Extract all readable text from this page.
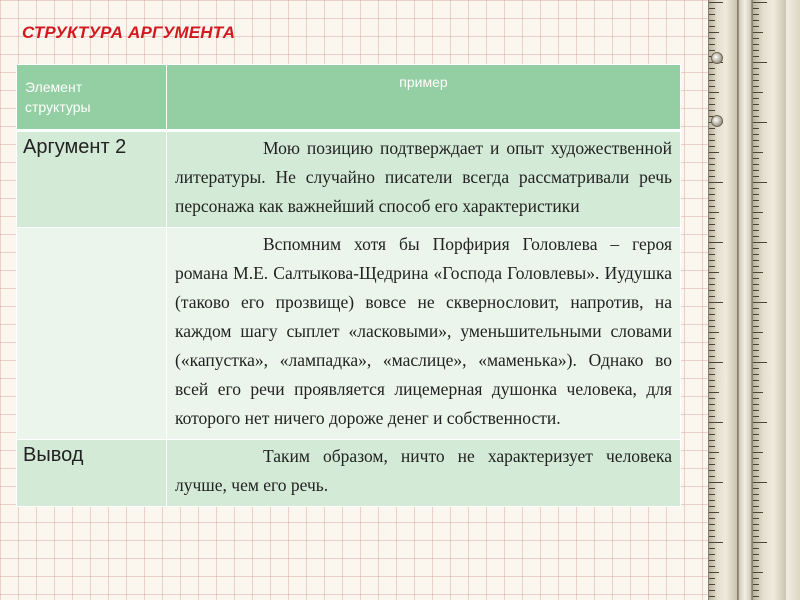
СТРУКТУРА АРГУМЕНТА
Элемент
структуры	пример
Аргумент 2	Мою позицию подтверждает и опыт художественной литературы. Не случайно писатели всегда рассматривали речь персонажа как важнейший способ его характеристики
	Вспомним хотя бы Порфирия Головлева – героя романа М.Е. Салтыкова-Щедрина «Господа Головлевы». Иудушка (таково его прозвище) вовсе не сквернословит, напротив, на каждом шагу сыплет «ласковыми», уменьшительными словами («капустка», «лампадка», «маслице», «маменька»). Однако во всей его речи проявляется лицемерная душонка человека, для которого нет ничего дороже денег и собственности.
Вывод	Таким образом, ничто не характеризует человека лучше, чем его речь.
